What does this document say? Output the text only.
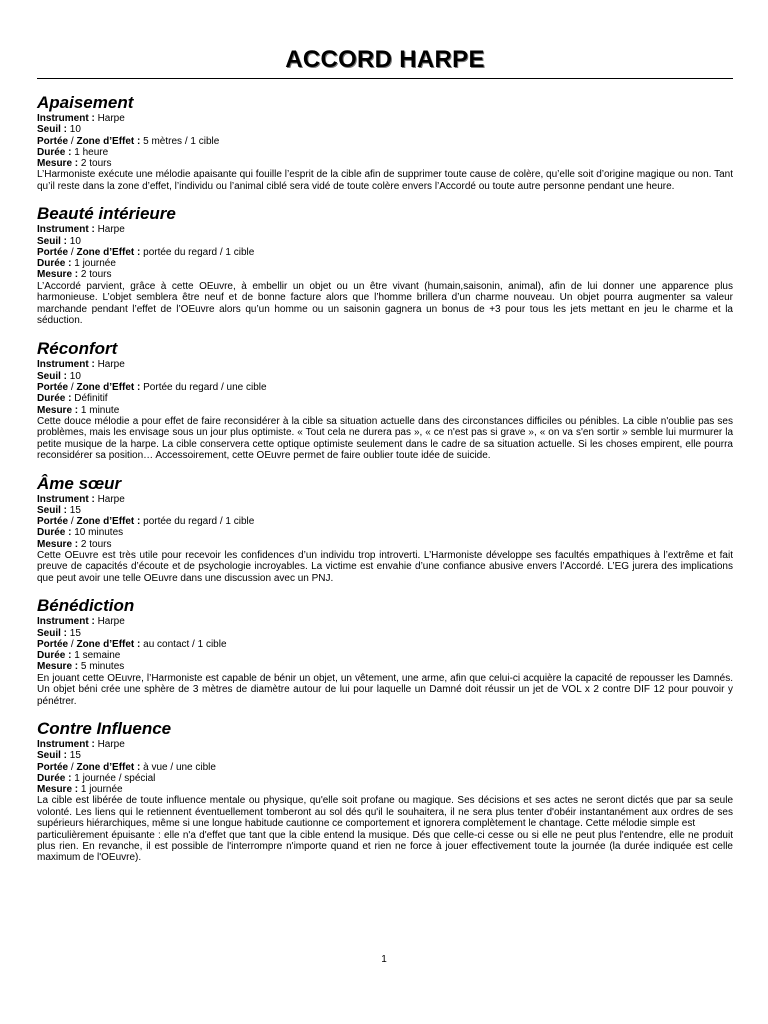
ACCORD HARPE
Apaisement
Instrument : Harpe
Seuil : 10
Portée / Zone d’Effet : 5 mètres / 1 cible
Durée : 1 heure
Mesure : 2 tours

L’Harmoniste exécute une mélodie apaisante qui fouille l’esprit de la cible afin de supprimer toute cause de colère, qu’elle soit d’origine magique ou non. Tant qu’il reste dans la zone d’effet, l’individu ou l’animal ciblé sera vidé de toute colère envers l’Accordé ou toute autre personne pendant une heure.

Beauté intérieure
Instrument : Harpe
Seuil : 10
Portée / Zone d’Effet : portée du regard / 1 cible
Durée : 1 journée
Mesure : 2 tours

L’Accordé parvient, grâce à cette OEuvre, à embellir un objet ou un être vivant (humain,saisonin, animal), afin de lui donner une apparence plus harmonieuse. L’objet semblera être neuf et de bonne facture alors que l’homme brillera d’un charme nouveau. Un objet pourra augmenter sa valeur marchande pendant l’effet de l’OEuvre alors qu’un homme ou un saisonin gagnera un bonus de +3 pour tous les jets mettant en jeu le charme et la séduction.

Réconfort
Instrument : Harpe
Seuil : 10
Portée / Zone d’Effet : Portée du regard / une cible
Durée : Définitif
Mesure : 1 minute

Cette douce mélodie a pour effet de faire reconsidérer à la cible sa situation actuelle dans des circonstances difficiles ou pénibles. La cible n'oublie pas ses problèmes, mais les envisage sous un jour plus optimiste. « Tout cela ne durera pas », « ce n'est pas si grave », « on va s'en sortir » semble lui murmurer la petite musique de la harpe. La cible conservera cette optique optimiste seulement dans le cadre de sa situation actuelle. Si les choses empirent, elle pourra reconsidérer sa position… Accessoirement, cette OEuvre permet de faire oublier toute idée de suicide.

Âme sœur
Instrument : Harpe
Seuil : 15
Portée / Zone d’Effet : portée du regard / 1 cible
Durée : 10 minutes
Mesure : 2 tours

Cette OEuvre est très utile pour recevoir les confidences d’un individu trop introverti. L’Harmoniste développe ses facultés empathiques à l’extrême et fait preuve de capacités d’écoute et de psychologie incroyables. La victime est envahie d’une confiance abusive envers l’Accordé. L’EG jurera des implications que peut avoir une telle OEuvre dans une discussion avec un PNJ.

Bénédiction
Instrument : Harpe
Seuil : 15
Portée / Zone d’Effet : au contact / 1 cible
Durée : 1 semaine
Mesure : 5 minutes

En jouant cette OEuvre, l’Harmoniste est capable de bénir un objet, un vêtement, une arme, afin que celui-ci acquière la capacité de repousser les Damnés. Un objet béni crée une sphère de 3 mètres de diamètre autour de lui pour laquelle un Damné doit réussir un jet de VOL x 2 contre DIF 12 pour pouvoir y pénétrer.

Contre Influence
Instrument : Harpe
Seuil : 15
Portée / Zone d’Effet : à vue / une cible
Durée : 1 journée / spécial
Mesure : 1 journée

La cible est libérée de toute influence mentale ou physique, qu'elle soit profane ou magique. Ses décisions et ses actes ne seront dictés que par sa seule volonté. Les liens qui le retiennent éventuellement tomberont au sol dés qu'il le souhaitera, il ne sera plus tenter d'obéir instantanément aux ordres de ses supérieurs hiérarchiques, même si une longue habitude cautionne ce comportement et ignorera complètement le chantage. Cette mélodie simple est

particulièrement épuisante : elle n'a d'effet que tant que la cible entend la musique. Dés que celle-ci cesse ou si elle ne peut plus l'entendre, elle ne produit plus rien. En revanche, il est possible de l'interrompre n'importe quand et rien ne force à jouer effectivement toute la journée (la durée indiquée est celle maximum de l'OEuvre).

1
